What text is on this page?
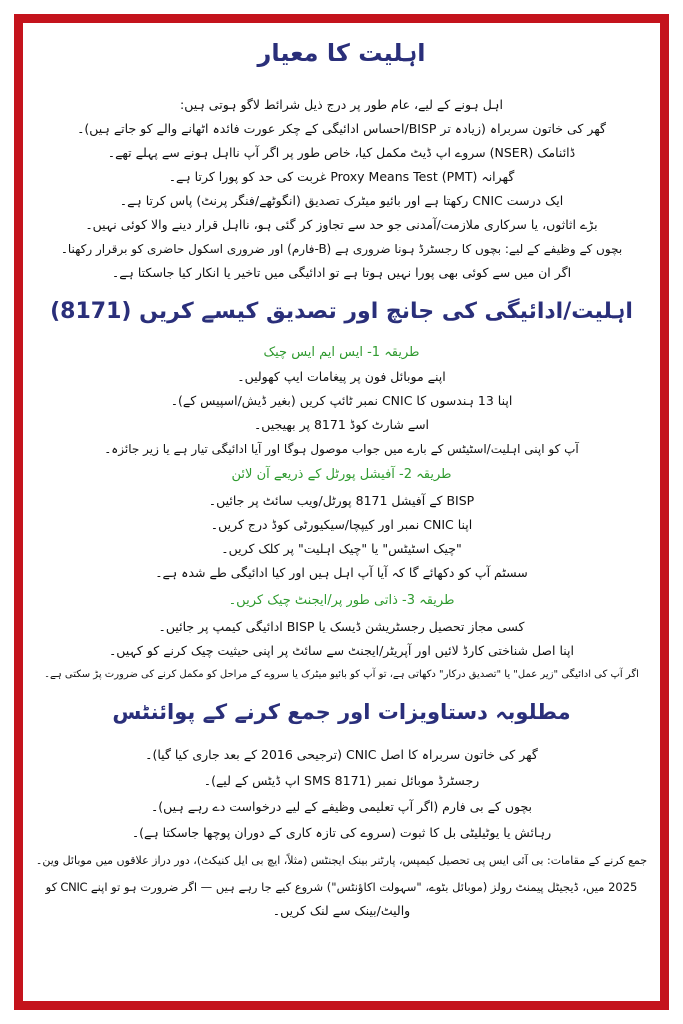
اہلیت کا معیار
اہل ہونے کے لیے، عام طور پر درج ذیل شرائط لاگو ہوتی ہیں:
گھر کی خاتون سربراہ (زیادہ تر BISP/احساس ادائیگی کے چکر عورت فائدہ اٹھانے والے کو جاتے ہیں)۔
ڈائنامک (NSER) سروے اپ ڈیٹ مکمل کیا، خاص طور پر اگر آپ نااہل ہونے سے پہلے تھے۔
گھرانہ Proxy Means Test (PMT) غربت کی حد کو پورا کرتا ہے۔
ایک درست CNIC رکھتا ہے اور بائیو میٹرک تصدیق (انگوٹھے/فنگر پرنٹ) پاس کرتا ہے۔
بڑے اثاثوں، یا سرکاری ملازمت/آمدنی جو حد سے تجاوز کر گئی ہو، نااہل قرار دینے والا کوئی نہیں۔
بچوں کے وظیفے کے لیے: بچوں کا رجسٹرڈ ہونا ضروری ہے (B-فارم) اور ضروری اسکول حاضری کو برقرار رکھنا۔
اگر ان میں سے کوئی بھی پورا نہیں ہوتا ہے تو ادائیگی میں تاخیر یا انکار کیا جاسکتا ہے۔
اہلیت/ادائیگی کی جانچ اور تصدیق کیسے کریں (8171)
طریقہ 1- ایس ایم ایس چیک
اپنے موبائل فون پر پیغامات ایپ کھولیں۔
اپنا 13 ہندسوں کا CNIC نمبر ٹائپ کریں (بغیر ڈیش/اسپیس کے)۔
اسے شارٹ کوڈ 8171 پر بھیجیں۔
آپ کو اپنی اہلیت/اسٹیٹس کے بارے میں جواب موصول ہوگا اور آیا ادائیگی تیار ہے یا زیر جائزہ۔
طریقہ 2- آفیشل پورٹل کے ذریعے آن لائن
BISP کے آفیشل 8171 پورٹل/ویب سائٹ پر جائیں۔
اپنا CNIC نمبر اور کیپچا/سیکیورٹی کوڈ درج کریں۔
"چیک اسٹیٹس" یا "چیک اہلیت" پر کلک کریں۔
سسٹم آپ کو دکھائے گا کہ آیا آپ اہل ہیں اور کیا ادائیگی طے شدہ ہے۔
طریقہ 3- ذاتی طور پر/ایجنٹ چیک کریں۔
کسی مجاز تحصیل رجسٹریشن ڈیسک یا BISP ادائیگی کیمپ پر جائیں۔
اپنا اصل شناختی کارڈ لائیں اور آپریٹر/ایجنٹ سے سائٹ پر اپنی حیثیت چیک کرنے کو کہیں۔
اگر آپ کی ادائیگی "زیر عمل" یا "تصدیق درکار" دکھاتی ہے، تو آپ کو بائیو میٹرک یا سروے کے مراحل کو مکمل کرنے کی ضرورت پڑ سکتی ہے۔
مطلوبہ دستاویزات اور جمع کرنے کے پوائنٹس
گھر کی خاتون سربراہ کا اصل CNIC (ترجیحی 2016 کے بعد جاری کیا گیا)۔
رجسٹرڈ موبائل نمبر (SMS 8171 اپ ڈیٹس کے لیے)۔
بچوں کے بی فارم (اگر آپ تعلیمی وظیفے کے لیے درخواست دے رہے ہیں)۔
رہائش یا یوٹیلیٹی بل کا ثبوت (سروے کی تازہ کاری کے دوران پوچھا جاسکتا ہے)۔
جمع کرنے کے مقامات: بی آئی ایس پی تحصیل کیمپس، پارٹنر بینک ایجنٹس (مثلاً، ایچ بی ایل کنیکٹ)، دور دراز علاقوں میں موبائل وین۔
2025 میں، ڈیجیٹل پیمنٹ رولز (موبائل بٹوے، "سہولت اکاؤنٹس") شروع کیے جا رہے ہیں — اگر ضرورت ہو تو اپنے CNIC کو
والیٹ/بینک سے لنک کریں۔
